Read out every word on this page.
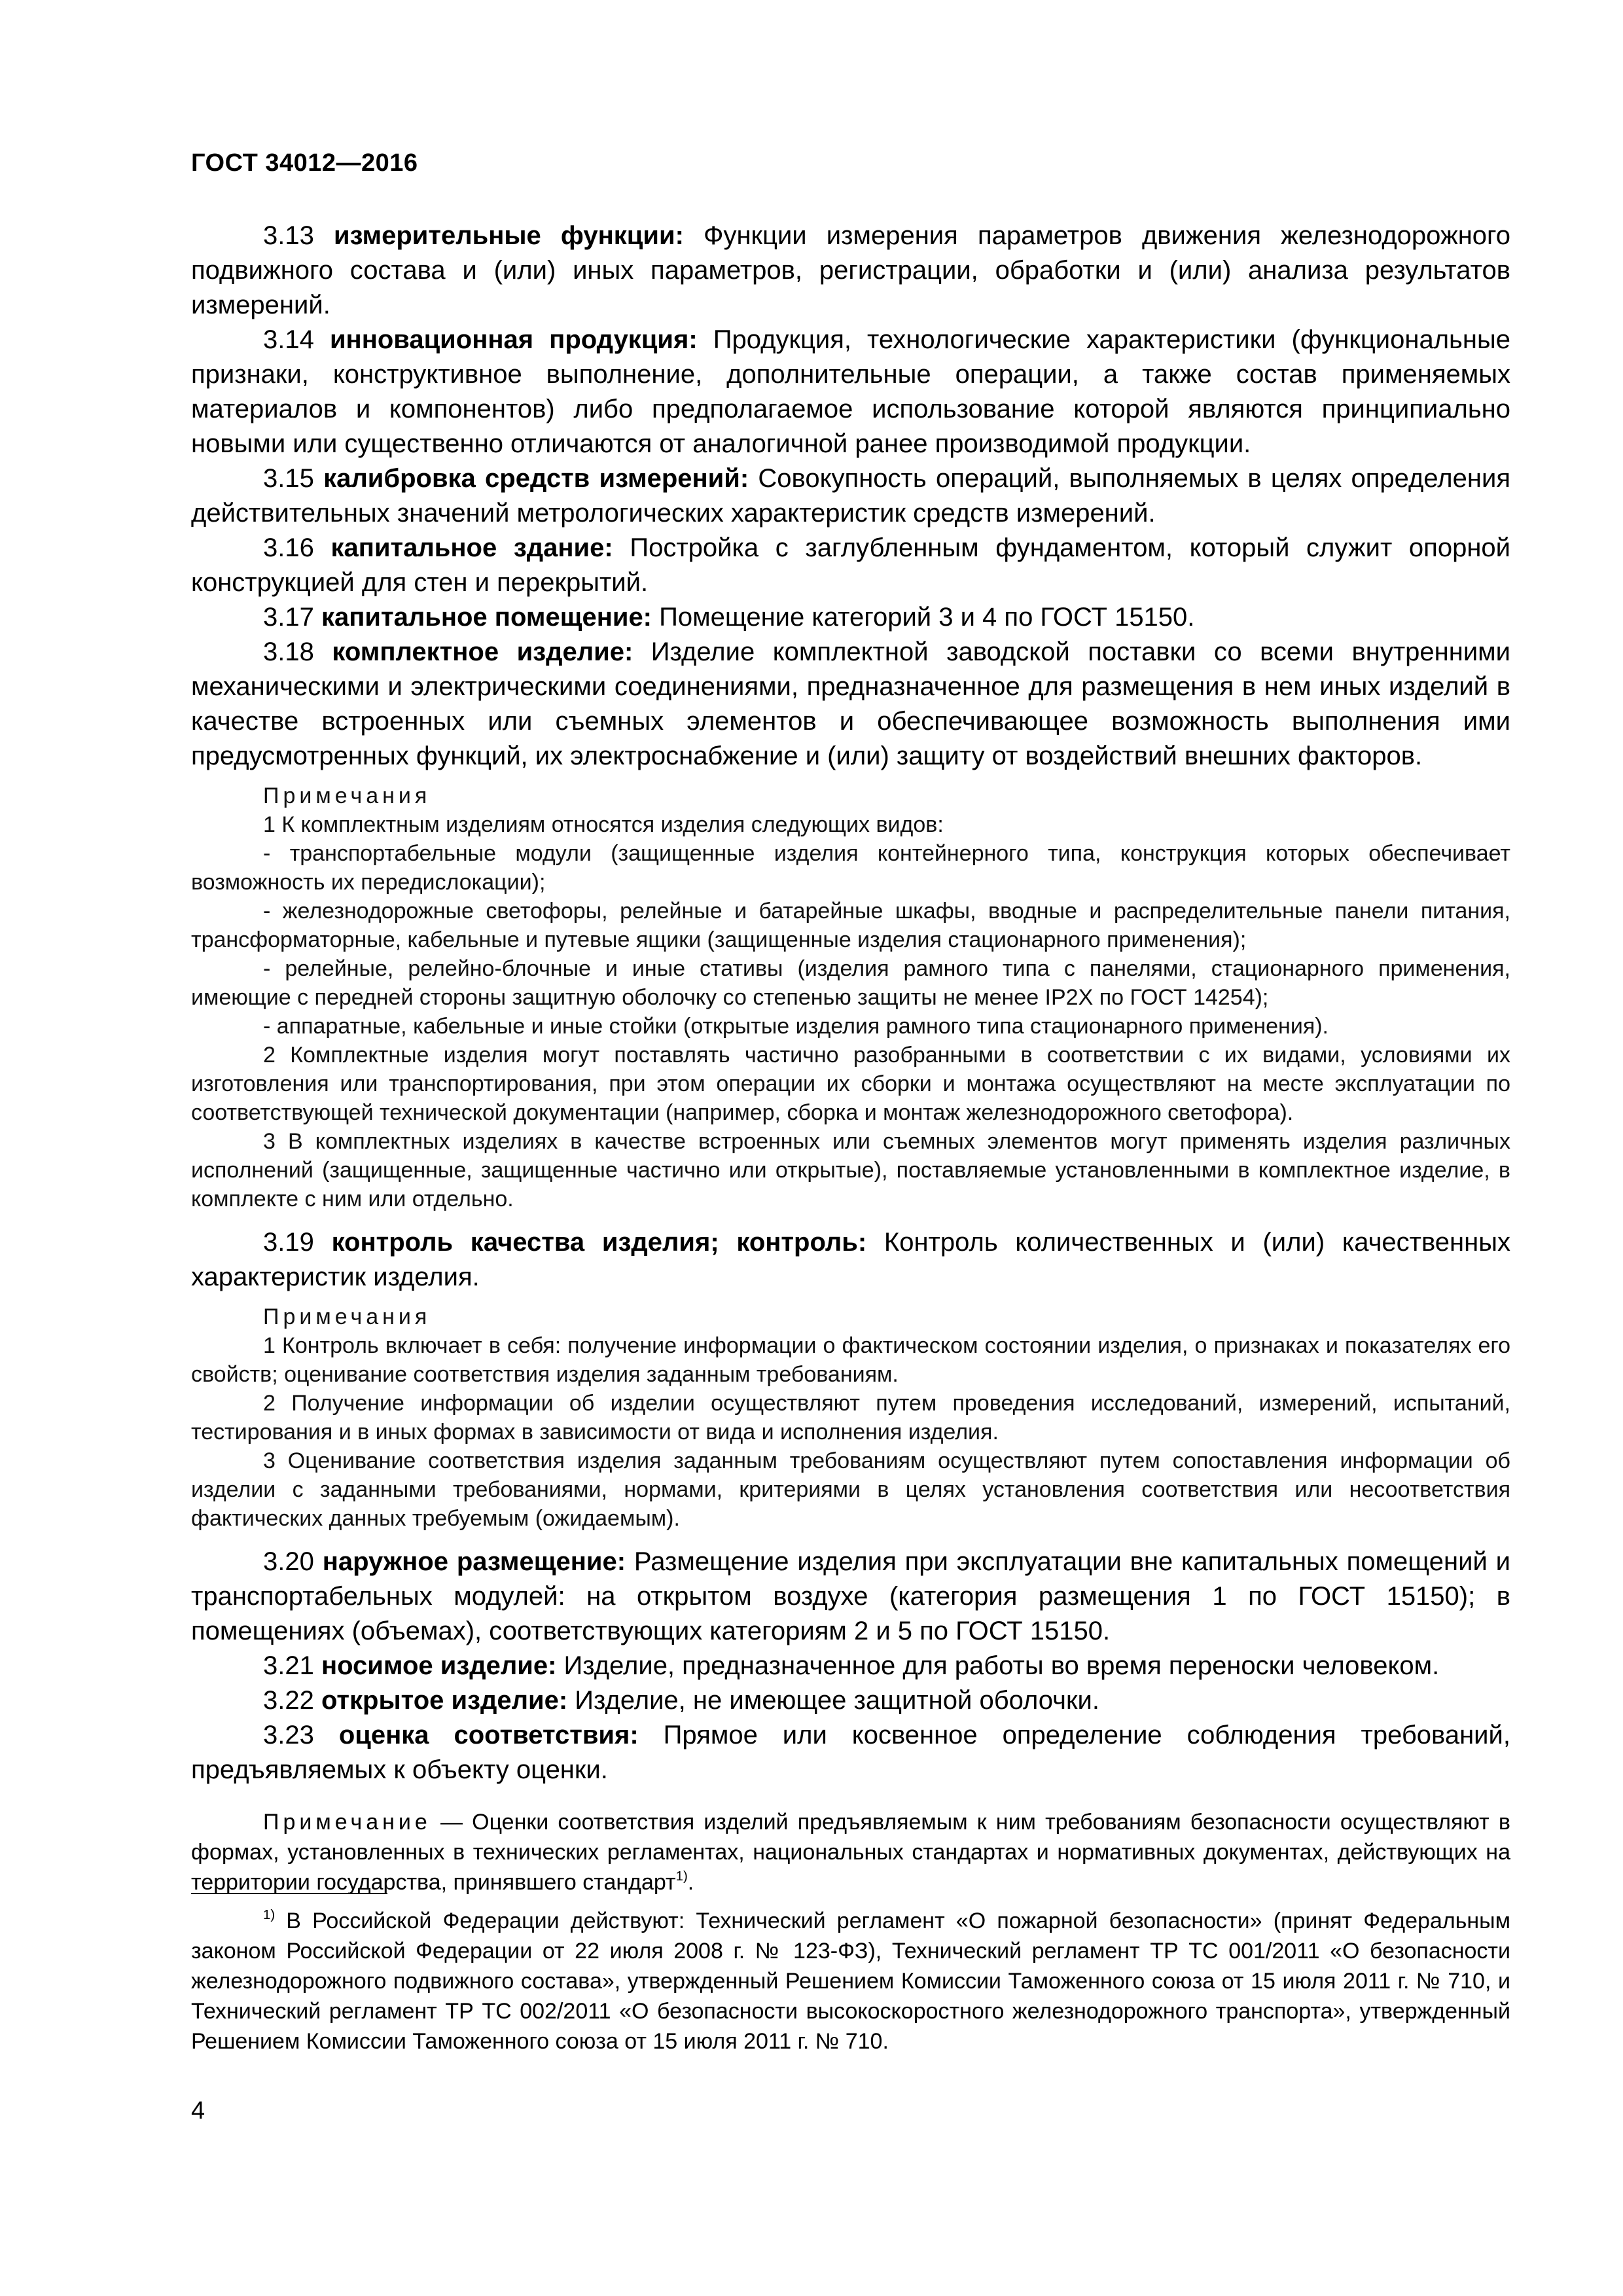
ГОСТ 34012—2016

3.13 измерительные функции: Функции измерения параметров движения железнодорожного подвижного состава и (или) иных параметров, регистрации, обработки и (или) анализа результатов измерений.

3.14 инновационная продукция: Продукция, технологические характеристики (функциональные признаки, конструктивное выполнение, дополнительные операции, а также состав применяемых материалов и компонентов) либо предполагаемое использование которой являются принципиально новыми или существенно отличаются от аналогичной ранее производимой продукции.

3.15 калибровка средств измерений: Совокупность операций, выполняемых в целях определения действительных значений метрологических характеристик средств измерений.

3.16 капитальное здание: Постройка с заглубленным фундаментом, который служит опорной конструкцией для стен и перекрытий.

3.17 капитальное помещение: Помещение категорий 3 и 4 по ГОСТ 15150.

3.18 комплектное изделие: Изделие комплектной заводской поставки со всеми внутренними механическими и электрическими соединениями, предназначенное для размещения в нем иных изделий в качестве встроенных или съемных элементов и обеспечивающее возможность выполнения ими предусмотренных функций, их электроснабжение и (или) защиту от воздействий внешних факторов.

Примечания
1 К комплектным изделиям относятся изделия следующих видов:
- транспортабельные модули (защищенные изделия контейнерного типа, конструкция которых обеспечивает возможность их передислокации);
- железнодорожные светофоры, релейные и батарейные шкафы, вводные и распределительные панели питания, трансформаторные, кабельные и путевые ящики (защищенные изделия стационарного применения);
- релейные, релейно-блочные и иные стативы (изделия рамного типа с панелями, стационарного применения, имеющие с передней стороны защитную оболочку со степенью защиты не менее IP2X по ГОСТ 14254);
- аппаратные, кабельные и иные стойки (открытые изделия рамного типа стационарного применения).
2 Комплектные изделия могут поставлять частично разобранными в соответствии с их видами, условиями их изготовления или транспортирования, при этом операции их сборки и монтажа осуществляют на месте эксплуатации по соответствующей технической документации (например, сборка и монтаж железнодорожного светофора).
3 В комплектных изделиях в качестве встроенных или съемных элементов могут применять изделия различных исполнений (защищенные, защищенные частично или открытые), поставляемые установленными в комплектное изделие, в комплекте с ним или отдельно.

3.19 контроль качества изделия; контроль: Контроль количественных и (или) качественных характеристик изделия.

Примечания
1 Контроль включает в себя: получение информации о фактическом состоянии изделия, о признаках и показателях его свойств; оценивание соответствия изделия заданным требованиям.
2 Получение информации об изделии осуществляют путем проведения исследований, измерений, испытаний, тестирования и в иных формах в зависимости от вида и исполнения изделия.
3 Оценивание соответствия изделия заданным требованиям осуществляют путем сопоставления информации об изделии с заданными требованиями, нормами, критериями в целях установления соответствия или несоответствия фактических данных требуемым (ожидаемым).

3.20 наружное размещение: Размещение изделия при эксплуатации вне капитальных помещений и транспортабельных модулей: на открытом воздухе (категория размещения 1 по ГОСТ 15150); в помещениях (объемах), соответствующих категориям 2 и 5 по ГОСТ 15150.

3.21 носимое изделие: Изделие, предназначенное для работы во время переноски человеком.

3.22 открытое изделие: Изделие, не имеющее защитной оболочки.

3.23 оценка соответствия: Прямое или косвенное определение соблюдения требований, предъявляемых к объекту оценки.

Примечание — Оценки соответствия изделий предъявляемым к ним требованиям безопасности осуществляют в формах, установленных в технических регламентах, национальных стандартах и нормативных документах, действующих на территории государства, принявшего стандарт$^{1)}$.

$^{1)}$ В Российской Федерации действуют: Технический регламент «О пожарной безопасности» (принят Федеральным законом Российской Федерации от 22 июля 2008 г. № 123-ФЗ), Технический регламент ТР ТС 001/2011 «О безопасности железнодорожного подвижного состава», утвержденный Решением Комиссии Таможенного союза от 15 июля 2011 г. № 710, и Технический регламент ТР ТС 002/2011 «О безопасности высокоскоростного железнодорожного транспорта», утвержденный Решением Комиссии Таможенного союза от 15 июля 2011 г. № 710.
4
